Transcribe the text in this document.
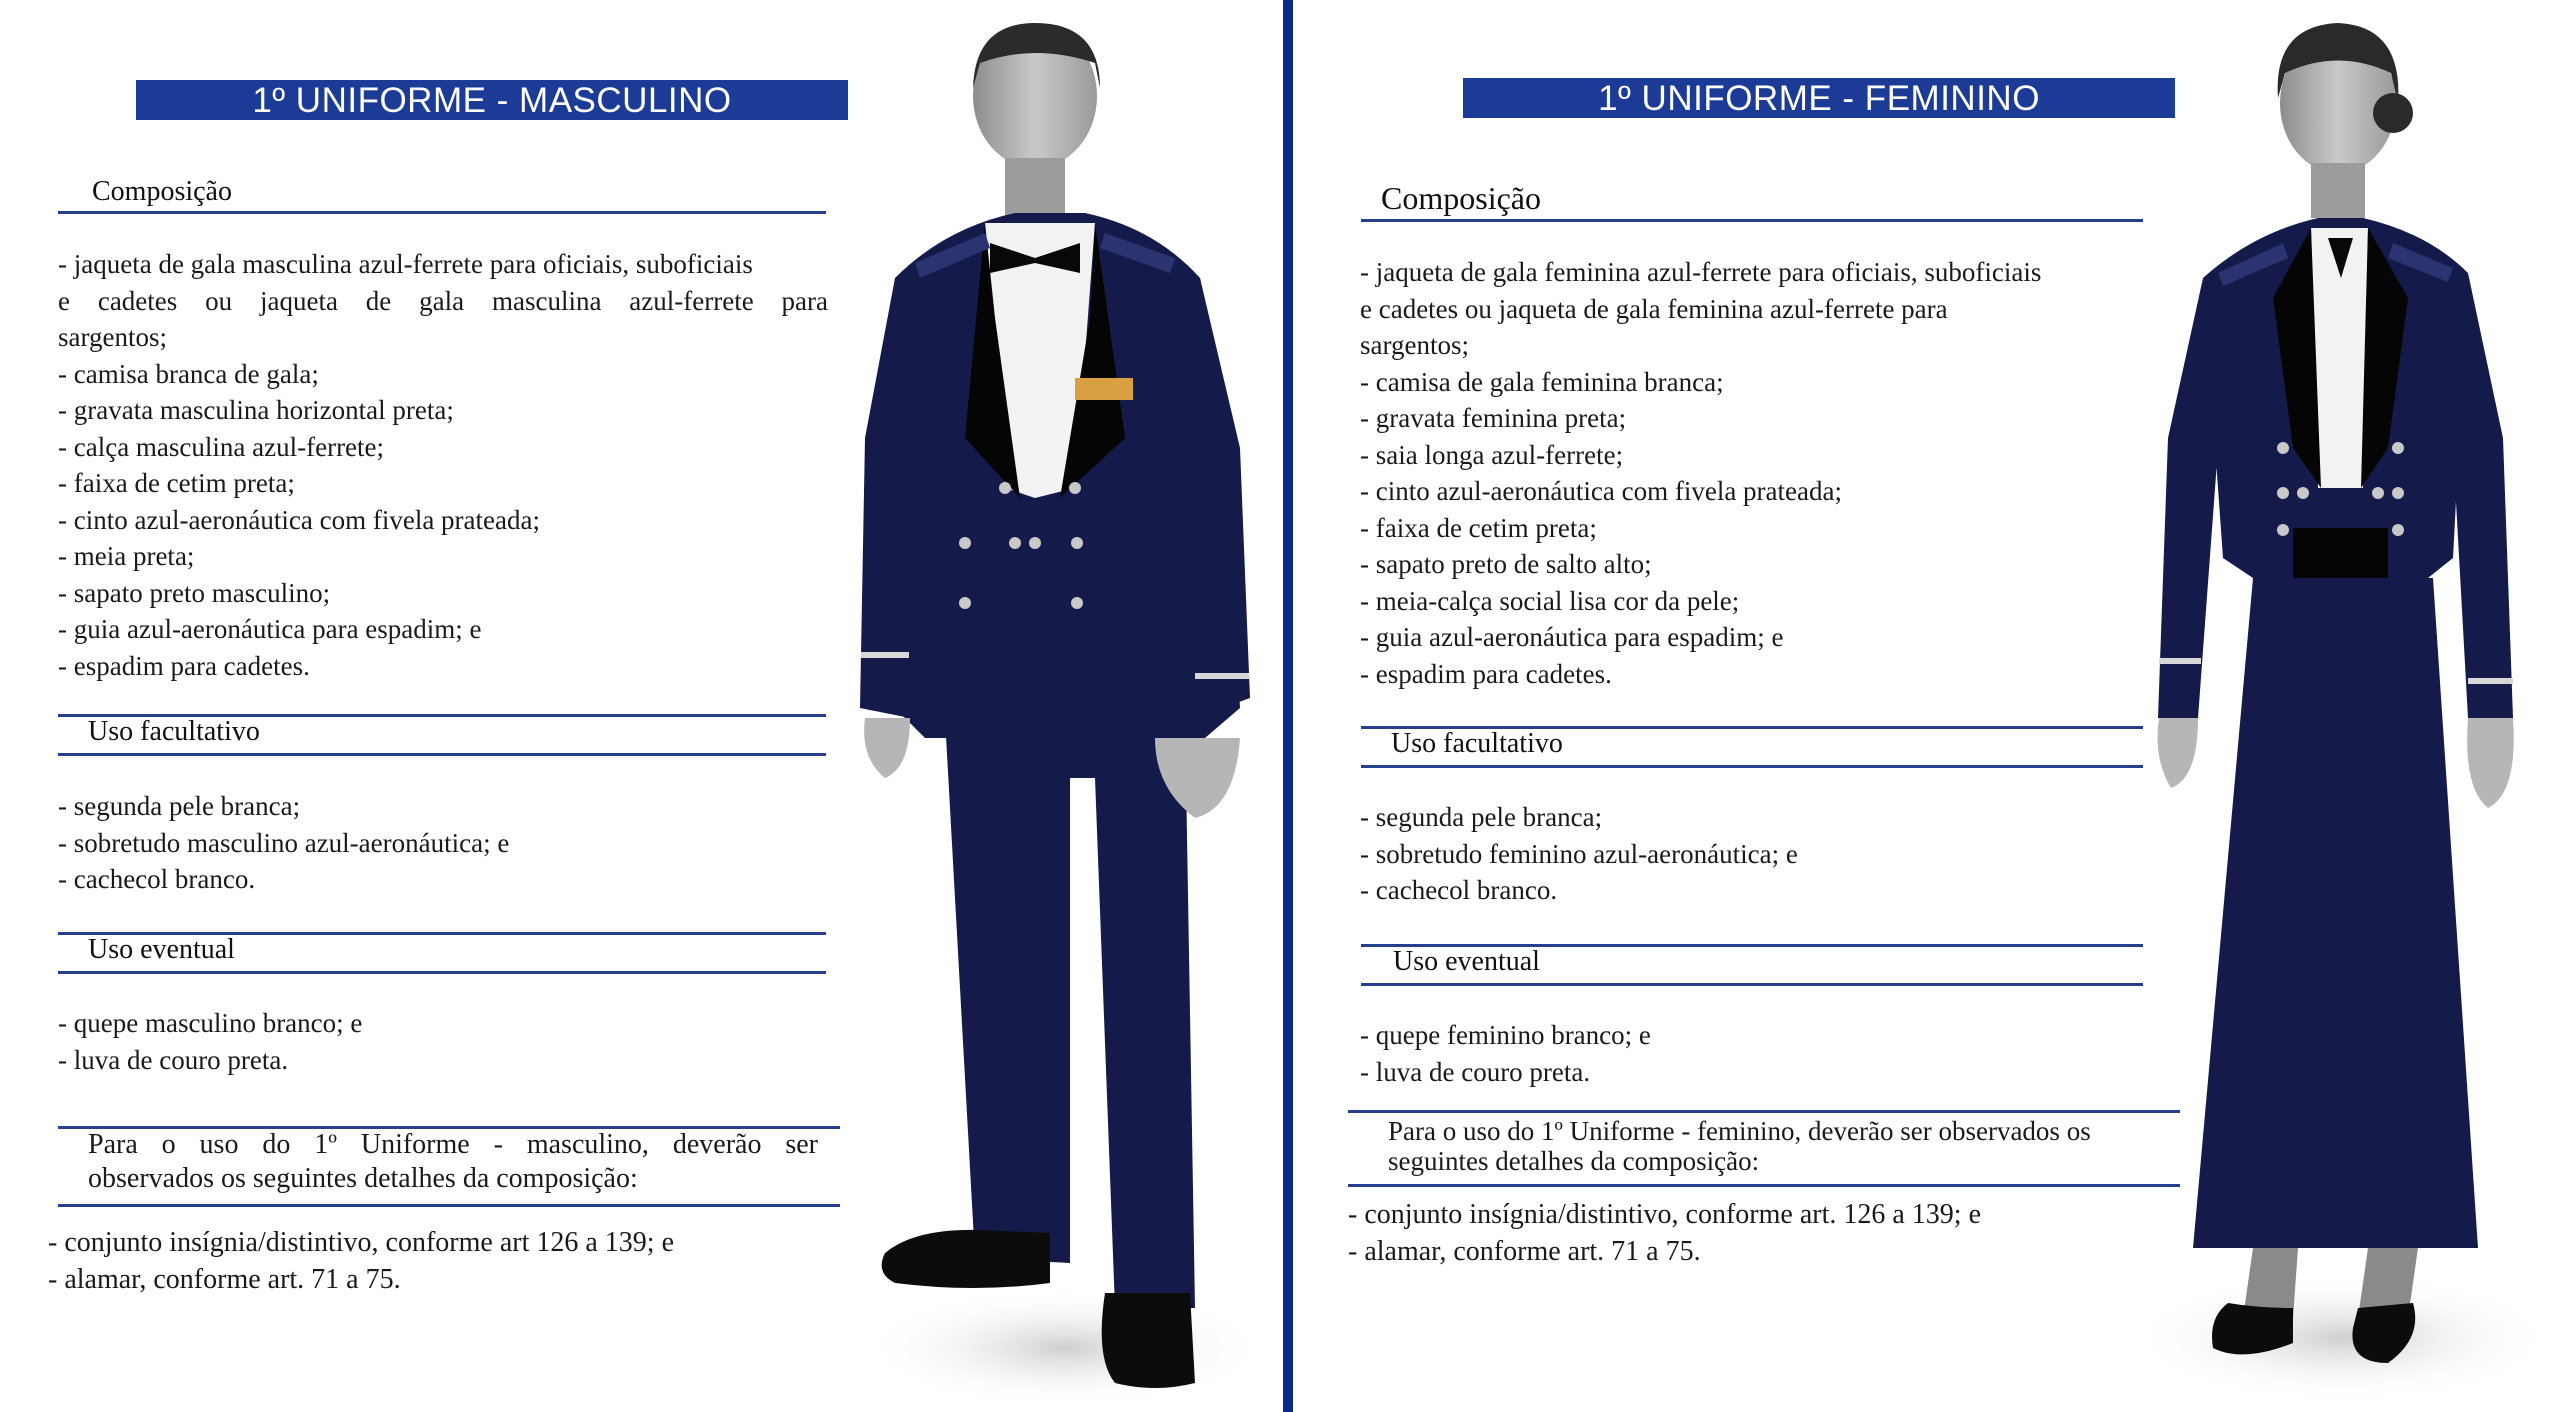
1º UNIFORME - MASCULINO
Composição
- jaqueta de gala masculina azul-ferrete para oficiais, suboficiais
e cadetes ou jaqueta de gala masculina azul-ferrete para
sargentos;
- camisa branca de gala;
- gravata masculina horizontal preta;
- calça masculina azul-ferrete;
- faixa de cetim preta;
- cinto azul-aeronáutica com fivela prateada;
- meia preta;
- sapato preto masculino;
- guia azul-aeronáutica para espadim; e
- espadim para cadetes.
Uso facultativo
- segunda pele branca;
- sobretudo masculino azul-aeronáutica; e
- cachecol branco.
Uso eventual
- quepe masculino branco; e
- luva de couro preta.
Para o uso do 1º Uniforme - masculino, deverão ser
observados os seguintes detalhes da composição:
- conjunto insígnia/distintivo, conforme art 126 a 139; e
- alamar, conforme art. 71 a 75.
1º UNIFORME - FEMININO
Composição
- jaqueta de gala feminina azul-ferrete para oficiais, suboficiais
e cadetes ou jaqueta de gala feminina azul-ferrete para
sargentos;
- camisa de gala feminina branca;
- gravata feminina preta;
- saia longa azul-ferrete;
- cinto azul-aeronáutica com fivela prateada;
- faixa de cetim preta;
- sapato preto de salto alto;
- meia-calça social lisa cor da pele;
- guia azul-aeronáutica para espadim; e
- espadim para cadetes.
Uso facultativo
- segunda pele branca;
- sobretudo feminino azul-aeronáutica; e
- cachecol branco.
Uso eventual
- quepe feminino branco; e
- luva de couro preta.
Para o uso do 1º Uniforme - feminino, deverão ser observados os
seguintes detalhes da composição:
- conjunto insígnia/distintivo, conforme art. 126 a 139; e
- alamar, conforme art. 71 a 75.
